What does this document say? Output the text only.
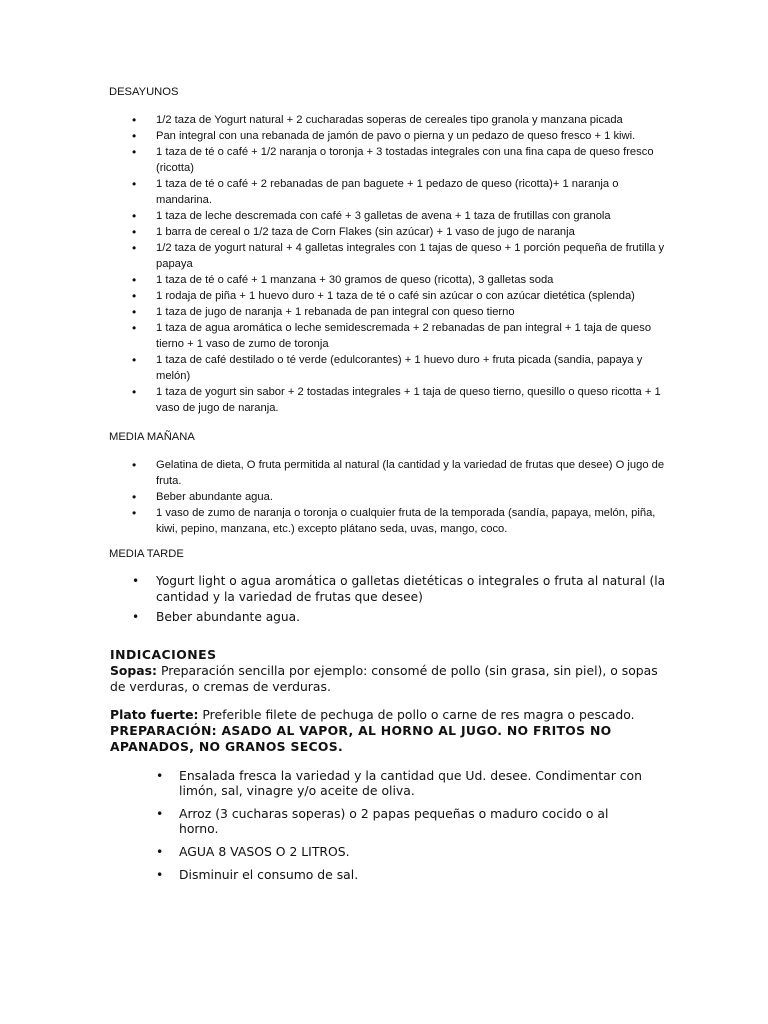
DESAYUNOS
• 1/2 taza de Yogurt natural + 2 cucharadas soperas de cereales tipo granola y manzana picada
• Pan integral con una rebanada de jamón de pavo o pierna y un pedazo de queso fresco + 1 kiwi.
• 1 taza de té o café + 1/2 naranja o toronja + 3 tostadas integrales con una fina capa de queso fresco (ricotta)
• 1 taza de té o café + 2 rebanadas de pan baguete + 1 pedazo de queso (ricotta)+ 1 naranja o mandarina.
• 1 taza de leche descremada con café + 3 galletas de avena + 1 taza de frutillas con granola
• 1 barra de cereal o 1/2 taza de Corn Flakes (sin azúcar) + 1 vaso de jugo de naranja
• 1/2 taza de yogurt natural + 4 galletas integrales con 1 tajas de queso + 1 porción pequeña de frutilla y papaya
• 1 taza de té o café + 1 manzana + 30 gramos de queso (ricotta), 3 galletas soda
• 1 rodaja de piña + 1 huevo duro + 1 taza de té o café sin azúcar o con azúcar dietética (splenda)
• 1 taza de jugo de naranja + 1 rebanada de pan integral con queso tierno
• 1 taza de agua aromática o leche semidescremada + 2 rebanadas de pan integral + 1 taja de queso tierno + 1 vaso de zumo de toronja
• 1 taza de café destilado o té verde (edulcorantes) + 1 huevo duro + fruta picada (sandia, papaya y melón)
• 1 taza de yogurt sin sabor + 2 tostadas integrales + 1 taja de queso tierno, quesillo o queso ricotta + 1 vaso de jugo de naranja.
MEDIA MAÑANA
• Gelatina de dieta, O fruta permitida al natural (la cantidad y la variedad de frutas que desee) O jugo de fruta.
• Beber abundante agua.
• 1 vaso de zumo de naranja o toronja o cualquier fruta de la temporada (sandía, papaya, melón, piña, kiwi, pepino, manzana, etc.) excepto plátano seda, uvas, mango, coco.
MEDIA TARDE
• Yogurt light o agua aromática o galletas dietéticas o integrales o fruta al natural (la cantidad y la variedad de frutas que desee)
• Beber abundante agua.
INDICACIONES
Sopas: Preparación sencilla por ejemplo: consomé de pollo (sin grasa, sin piel), o sopas de verduras, o cremas de verduras.
Plato fuerte: Preferible filete de pechuga de pollo o carne de res magra o pescado.
PREPARACIÓN: ASADO AL VAPOR, AL HORNO AL JUGO. NO FRITOS NO APANADOS, NO GRANOS SECOS.
• Ensalada fresca la variedad y la cantidad que Ud. desee. Condimentar con limón, sal, vinagre y/o aceite de oliva.
• Arroz (3 cucharas soperas) o 2 papas pequeñas o maduro cocido o al horno.
• AGUA 8 VASOS O 2 LITROS.
• Disminuir el consumo de sal.
